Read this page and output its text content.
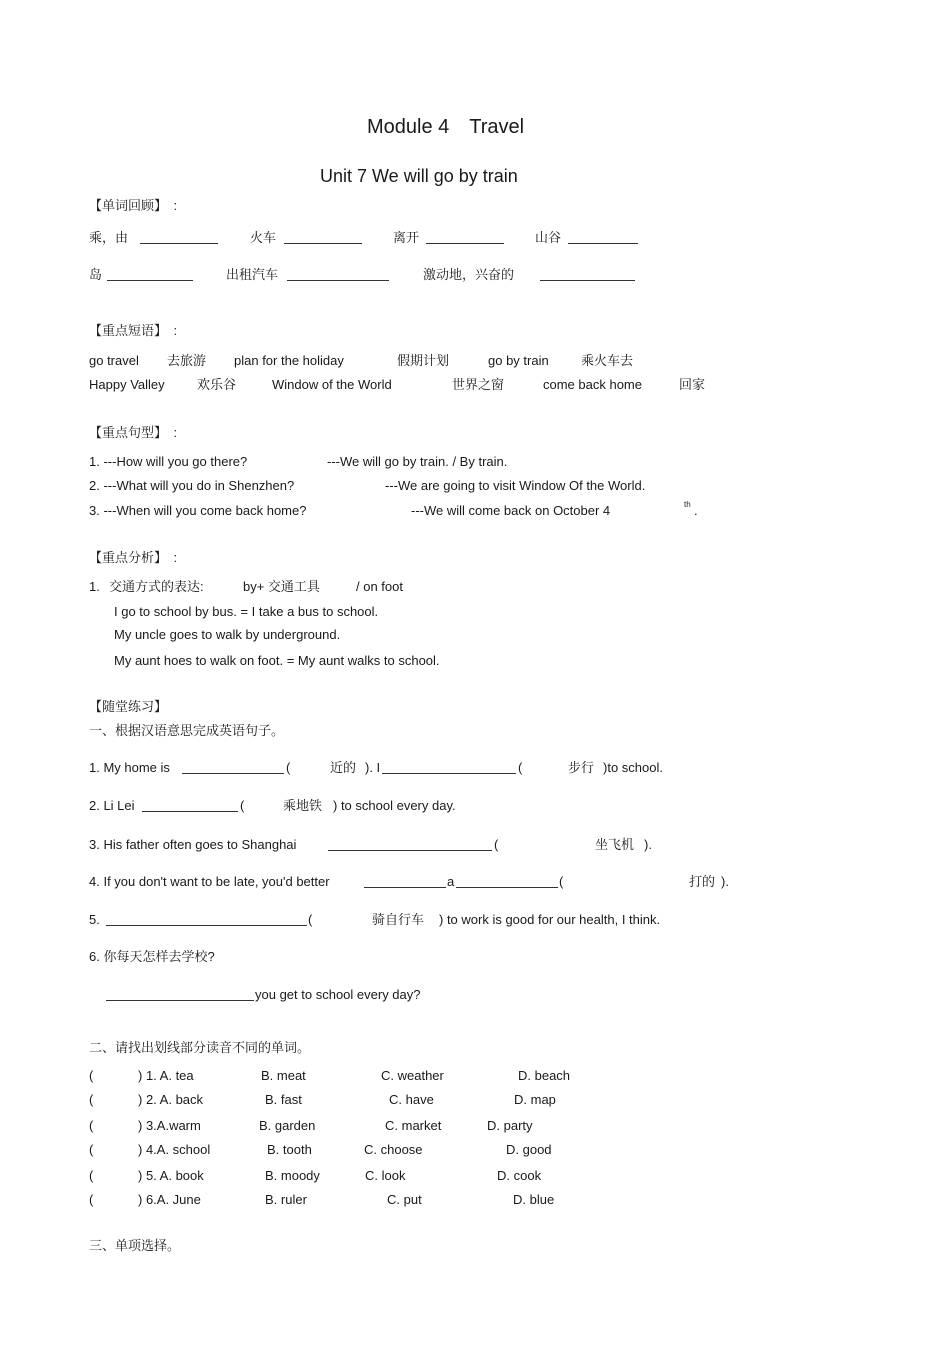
Module 4　Travel
Unit 7 We will go by train
【单词回顾】　:
乘，由	火车	离开	山谷
岛	出租汽车	激动地，兴奋的
【重点短语】　:
go travel 去旅游 plan for the holiday	假期计划	go by train 乘火车去
Happy Valley 欢乐谷	Window of the World	世界之窗	come back home	回家
【重点句型】　:
1. ---How will you go there?	---We will go by train. / By train.
2. ---What will you do in Shenzhen?	---We are going to visit Window Of the World.
3. ---When will you come back home?	---We will come back on October 4	th .
【重点分析】　:
1. 交通方式的表达:	by+ 交通工具	/ on foot
I go to school by bus. = I take a bus to school.
My uncle goes to walk by underground.
My aunt hoes to walk on foot. = My aunt walks to school.
【随堂练习】
一、根据汉语意思完成英语句子。
1. My home is	(	近的 ). I	(	步行 )to school.
2. Li Lei	(	乘地铁 ) to school every day.
3. His father often goes to Shanghai	(	坐飞机 ).
4. If you don't want to be late, you'd better	a	(	打的 ).
5.	(	骑自行车 ) to work is good for our health, I think.
6. 你每天怎样去学校?
you get to school every day?
二、请找出划线部分读音不同的单词。
(	) 1. A. tea	B. meat	C. weather	D. beach
(	) 2. A. back	B. fast	C. have	D. map
(	) 3.A.warm	B. garden	C. market	D. party
(	) 4.A. school	B. tooth	C. choose	D. good
(	) 5. A. book	B. moody	C. look	D. cook
(	) 6.A. June	B. ruler	C. put	D. blue
三、单项选择。
